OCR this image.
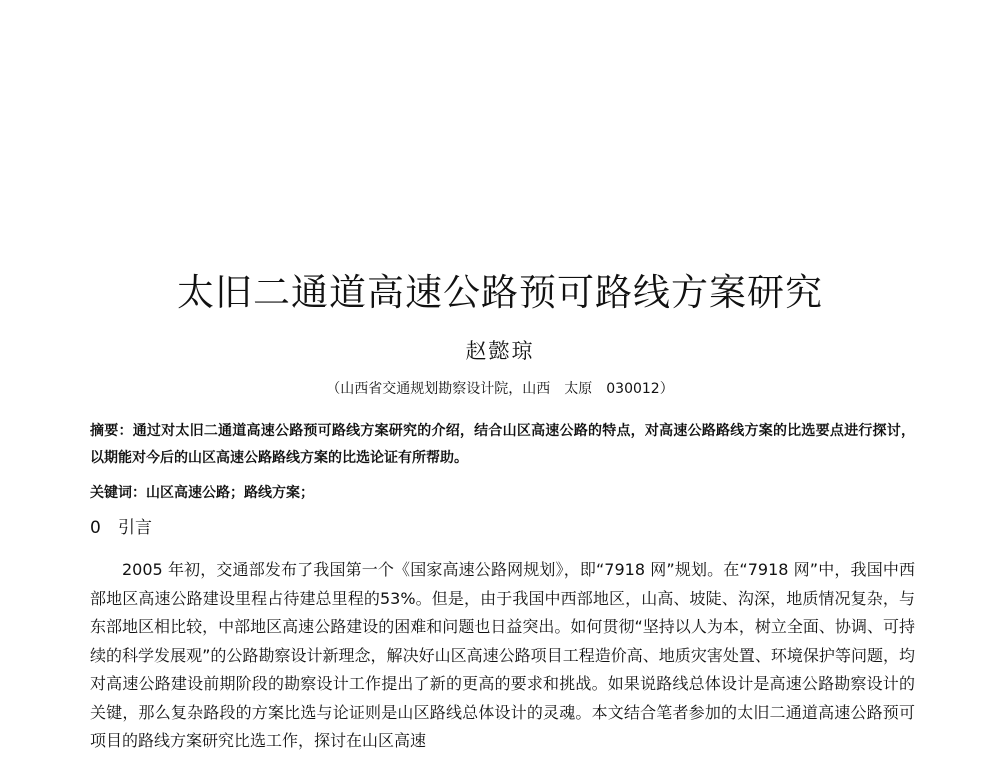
太旧二通道高速公路预可路线方案研究
赵懿琼
（山西省交通规划勘察设计院，山西　太原　030012）

摘要：通过对太旧二通道高速公路预可路线方案研究的介绍，结合山区高速公路的特点，对高速公路路线方案的比选要点进行探讨，以期能对今后的山区高速公路路线方案的比选论证有所帮助。

关键词：山区高速公路；路线方案；
0 引言

2005 年初，交通部发布了我国第一个《国家高速公路网规划》，即“7918 网”规划。在“7918 网”中，我国中西部地区高速公路建设里程占待建总里程的53%。但是，由于我国中西部地区，山高、坡陡、沟深，地质情况复杂，与东部地区相比较，中部地区高速公路建设的困难和问题也日益突出。如何贯彻“坚持以人为本，树立全面、协调、可持续的科学发展观”的公路勘察设计新理念，解决好山区高速公路项目工程造价高、地质灾害处置、环境保护等问题，均对高速公路建设前期阶段的勘察设计工作提出了新的更高的要求和挑战。如果说路线总体设计是高速公路勘察设计的关键，那么复杂路段的方案比选与论证则是山区路线总体设计的灵魂。本文结合笔者参加的太旧二通道高速公路预可项目的路线方案研究比选工作，探讨在山区高速
